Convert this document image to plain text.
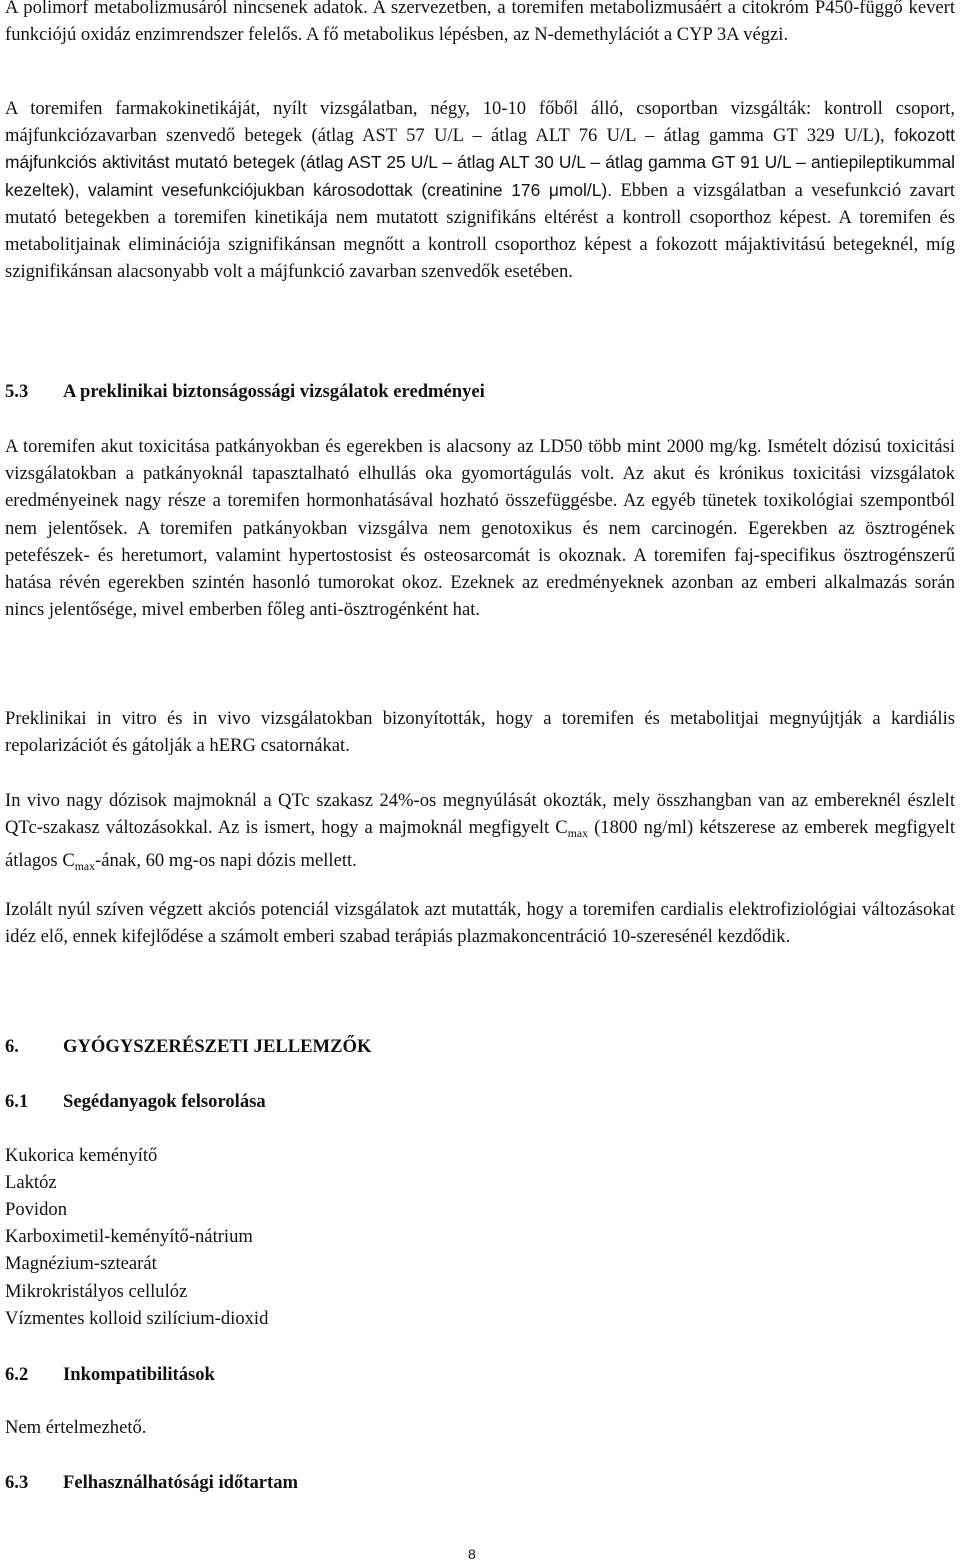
A polimorf metabolizmusáról nincsenek adatok. A szervezetben, a toremifen metabolizmusáért a citokróm P450-függő kevert funkciójú oxidáz enzimrendszer felelős. A fő metabolikus lépésben, az N-demethylációt a CYP 3A végzi.

A toremifen farmakokinetikáját, nyílt vizsgálatban, négy, 10-10 főből álló, csoportban vizsgálták: kontroll csoport, májfunkciózavarban szenvedő betegek (átlag AST 57 U/L – átlag ALT 76 U/L – átlag gamma GT 329 U/L), fokozott májfunkciós aktivitást mutató betegek (átlag AST 25 U/L – átlag ALT 30 U/L – átlag gamma GT 91 U/L – antiepileptikummal kezeltek), valamint vesefunkciójukban károsodottak (creatinine 176 μmol/L). Ebben a vizsgálatban a vesefunkció zavart mutató betegekben a toremifen kinetikája nem mutatott szignifikáns eltérést a kontroll csoporthoz képest. A toremifen és metabolitjainak eliminációja szignifikánsan megnőtt a kontroll csoporthoz képest a fokozott májaktivitású betegeknél, míg szignifikánsan alacsonyabb volt a májfunkció zavarban szenvedők esetében.

5.3 A preklinikai biztonságossági vizsgálatok eredményei

A toremifen akut toxicitása patkányokban és egerekben is alacsony az LD50 több mint 2000 mg/kg. Ismételt dózisú toxicitási vizsgálatokban a patkányoknál tapasztalható elhullás oka gyomortágulás volt. Az akut és krónikus toxicitási vizsgálatok eredményeinek nagy része a toremifen hormonhatásával hozható összefüggésbe. Az egyéb tünetek toxikológiai szempontból nem jelentősek. A toremifen patkányokban vizsgálva nem genotoxikus és nem carcinogén. Egerekben az ösztrogének petefészek- és heretumort, valamint hypertostosist és osteosarcomát is okoznak. A toremifen faj-specifikus ösztrogénszerű hatása révén egerekben szintén hasonló tumorokat okoz. Ezeknek az eredményeknek azonban az emberi alkalmazás során nincs jelentősége, mivel emberben főleg anti-ösztrogénként hat.

Preklinikai in vitro és in vivo vizsgálatokban bizonyították, hogy a toremifen és metabolitjai megnyújtják a kardiális repolarizációt és gátolják a hERG csatornákat.

In vivo nagy dózisok majmoknál a QTc szakasz 24%-os megnyúlását okozták, mely összhangban van az embereknél észlelt QTc-szakasz változásokkal. Az is ismert, hogy a majmoknál megfigyelt $C_{max}$ (1800 ng/ml) kétszerese az emberek megfigyelt átlagos $C_{max}$-ának, 60 mg-os napi dózis mellett.

Izolált nyúl szíven végzett akciós potenciál vizsgálatok azt mutatták, hogy a toremifen cardialis elektrofiziológiai változásokat idéz elő, ennek kifejlődése a számolt emberi szabad terápiás plazmakoncentráció 10-szeresénél kezdődik.

6. GYÓGYSZERÉSZETI JELLEMZŐK

6.1 Segédanyagok felsorolása

Kukorica keményítő

Laktóz

Povidon

Karboximetil-keményítő-nátrium

Magnézium-sztearát

Mikrokristályos cellulóz

Vízmentes kolloid szilícium-dioxid

6.2 Inkompatibilitások

Nem értelmezhető.

6.3 Felhasználhatósági időtartam

8
